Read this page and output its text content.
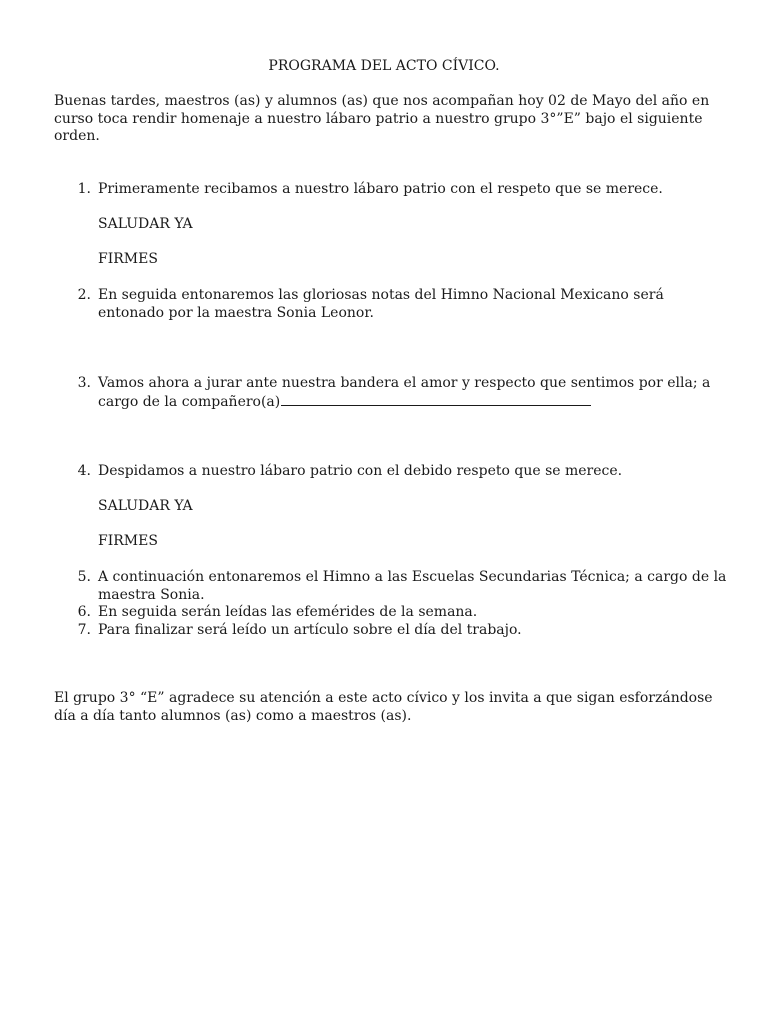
PROGRAMA DEL ACTO CÍVICO.
Buenas tardes, maestros (as) y alumnos (as) que nos acompañan hoy 02 de Mayo del año en curso toca rendir homenaje a nuestro lábaro patrio a nuestro grupo 3°”E” bajo el siguiente orden.
1. Primeramente recibamos a nuestro lábaro patrio con el respeto que se merece.
SALUDAR YA
FIRMES
2. En seguida entonaremos las gloriosas notas del Himno Nacional Mexicano será entonado por la maestra Sonia Leonor.
3. Vamos ahora a jurar ante nuestra bandera el amor y respecto que sentimos por ella; a cargo de la compañero(a)
4. Despidamos a nuestro lábaro patrio con el debido respeto que se merece.
SALUDAR YA
FIRMES
5. A continuación entonaremos el Himno a las Escuelas Secundarias Técnica; a cargo de la maestra Sonia.
6. En seguida serán leídas las efemérides de la semana.
7. Para finalizar será leído un artículo sobre el día del trabajo.
El grupo 3° “E” agradece su atención a este acto cívico y los invita a que sigan esforzándose día a día tanto alumnos (as) como a maestros (as).
